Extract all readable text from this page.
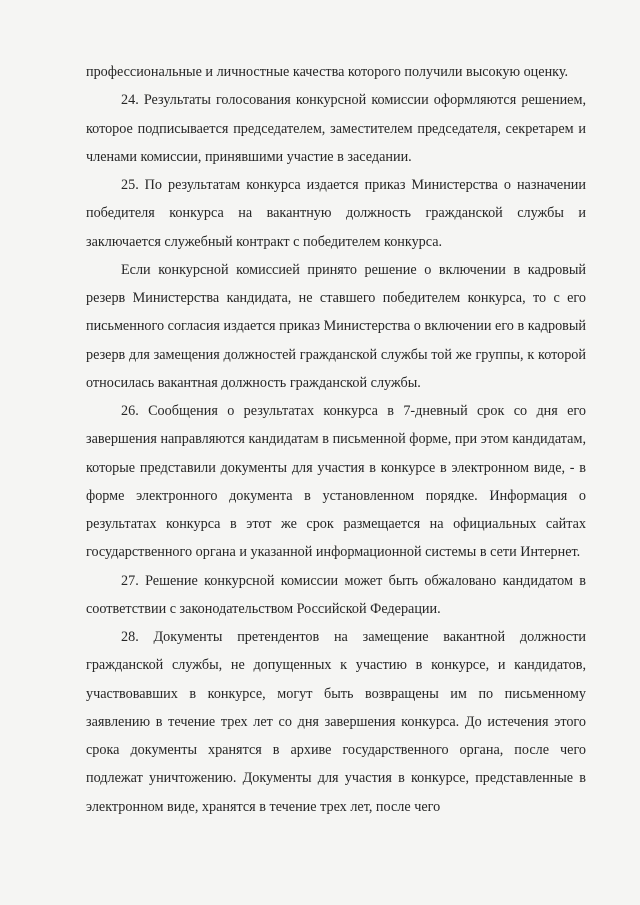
профессиональные и личностные качества которого получили высокую оценку.

24. Результаты голосования конкурсной комиссии оформляются решением, которое подписывается председателем, заместителем председателя, секретарем и членами комиссии, принявшими участие в заседании.

25. По результатам конкурса издается приказ Министерства о назначении победителя конкурса на вакантную должность гражданской службы и заключается служебный контракт с победителем конкурса.

Если конкурсной комиссией принято решение о включении в кадровый резерв Министерства кандидата, не ставшего победителем конкурса, то с его письменного согласия издается приказ Министерства о включении его в кадровый резерв для замещения должностей гражданской службы той же группы, к которой относилась вакантная должность гражданской службы.

26. Сообщения о результатах конкурса в 7-дневный срок со дня его завершения направляются кандидатам в письменной форме, при этом кандидатам, которые представили документы для участия в конкурсе в электронном виде, - в форме электронного документа в установленном порядке. Информация о результатах конкурса в этот же срок размещается на официальных сайтах государственного органа и указанной информационной системы в сети Интернет.

27. Решение конкурсной комиссии может быть обжаловано кандидатом в соответствии с законодательством Российской Федерации.

28. Документы претендентов на замещение вакантной должности гражданской службы, не допущенных к участию в конкурсе, и кандидатов, участвовавших в конкурсе, могут быть возвращены им по письменному заявлению в течение трех лет со дня завершения конкурса. До истечения этого срока документы хранятся в архиве государственного органа, после чего подлежат уничтожению. Документы для участия в конкурсе, представленные в электронном виде, хранятся в течение трех лет, после чего
